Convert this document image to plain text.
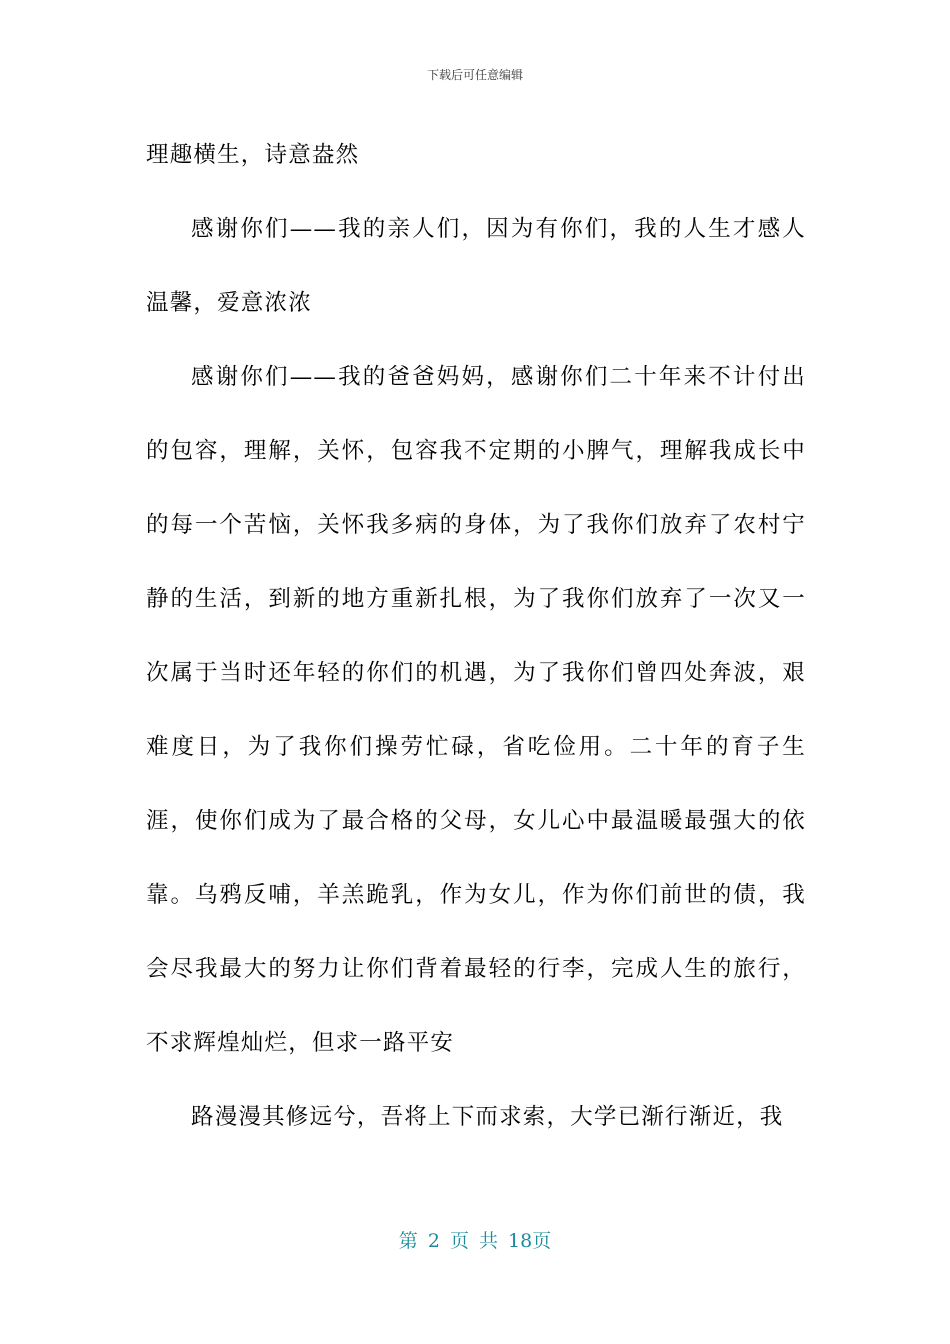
下载后可任意编辑

理趣横生，诗意盎然

感谢你们——我的亲人们，因为有你们，我的人生才感人温馨，爱意浓浓

感谢你们——我的爸爸妈妈，感谢你们二十年来不计付出的包容，理解，关怀，包容我不定期的小脾气，理解我成长中的每一个苦恼，关怀我多病的身体，为了我你们放弃了农村宁静的生活，到新的地方重新扎根，为了我你们放弃了一次又一次属于当时还年轻的你们的机遇，为了我你们曾四处奔波，艰难度日，为了我你们操劳忙碌，省吃俭用。二十年的育子生涯，使你们成为了最合格的父母，女儿心中最温暖最强大的依靠。乌鸦反哺，羊羔跪乳，作为女儿，作为你们前世的债，我会尽我最大的努力让你们背着最轻的行李，完成人生的旅行，不求辉煌灿烂，但求一路平安

路漫漫其修远兮，吾将上下而求索，大学已渐行渐近，我

第 2 页 共 18页
